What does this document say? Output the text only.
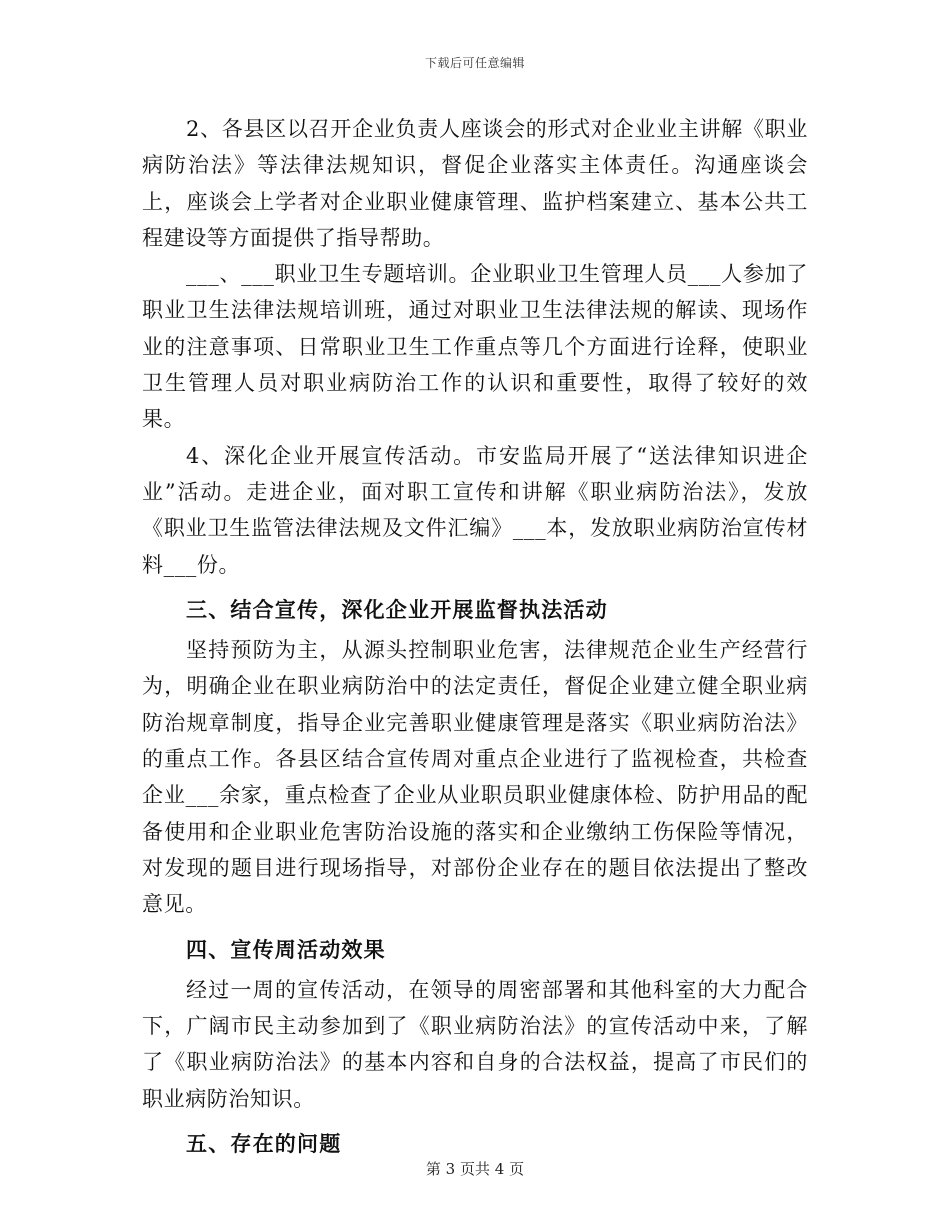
下载后可任意编辑

2、各县区以召开企业负责人座谈会的形式对企业业主讲解《职业病防治法》等法律法规知识，督促企业落实主体责任。沟通座谈会上，座谈会上学者对企业职业健康管理、监护档案建立、基本公共工程建设等方面提供了指导帮助。

___、___职业卫生专题培训。企业职业卫生管理人员___人参加了职业卫生法律法规培训班，通过对职业卫生法律法规的解读、现场作业的注意事项、日常职业卫生工作重点等几个方面进行诠释，使职业卫生管理人员对职业病防治工作的认识和重要性，取得了较好的效果。

4、深化企业开展宣传活动。市安监局开展了“送法律知识进企业”活动。走进企业，面对职工宣传和讲解《职业病防治法》，发放《职业卫生监管法律法规及文件汇编》___本，发放职业病防治宣传材料___份。

三、结合宣传，深化企业开展监督执法活动

坚持预防为主，从源头控制职业危害，法律规范企业生产经营行为，明确企业在职业病防治中的法定责任，督促企业建立健全职业病防治规章制度，指导企业完善职业健康管理是落实《职业病防治法》的重点工作。各县区结合宣传周对重点企业进行了监视检查，共检查企业___余家，重点检查了企业从业职员职业健康体检、防护用品的配备使用和企业职业危害防治设施的落实和企业缴纳工伤保险等情况，对发现的题目进行现场指导，对部份企业存在的题目依法提出了整改意见。

四、宣传周活动效果

经过一周的宣传活动，在领导的周密部署和其他科室的大力配合下，广阔市民主动参加到了《职业病防治法》的宣传活动中来，了解了《职业病防治法》的基本内容和自身的合法权益，提高了市民们的职业病防治知识。

五、存在的问题

第 3 页共 4 页
